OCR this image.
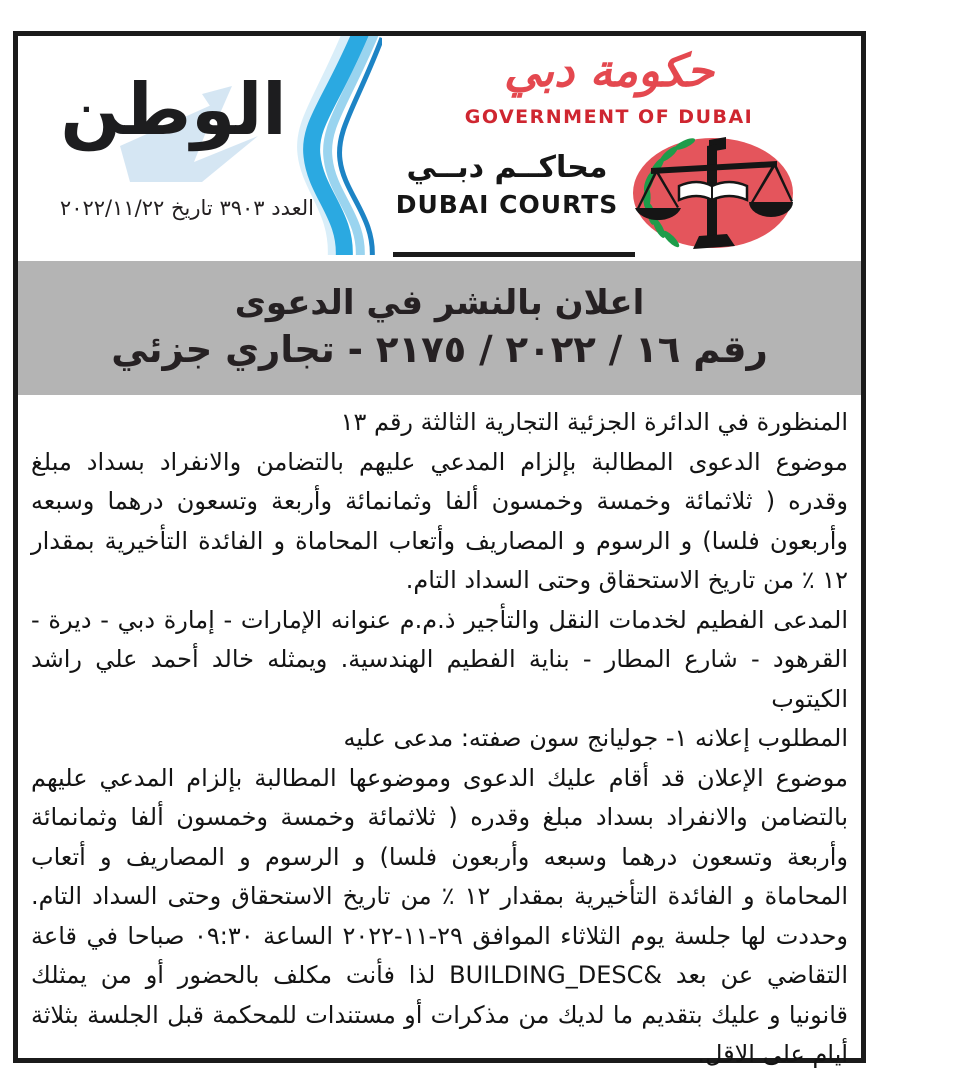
الوطن
العدد ٣٩٠٣ تاريخ ٢٠٢٢/١١/٢٢
حكومة دبي
GOVERNMENT OF DUBAI
محاكــم دبــي
DUBAI COURTS
اعلان بالنشر في الدعوى
رقم ١٦ / ٢٠٢٢ / ٢١٧٥ - تجاري جزئي

المنظورة في الدائرة الجزئية التجارية الثالثة رقم ١٣

موضوع الدعوى المطالبة بإلزام المدعي عليهم بالتضامن والانفراد بسداد مبلغ وقدره ( ثلاثمائة وخمسة وخمسون ألفا وثمانمائة وأربعة وتسعون درهما وسبعه وأربعون فلسا) و الرسوم و المصاريف وأتعاب المحاماة و الفائدة التأخيرية بمقدار ١٢ ٪ من تاريخ الاستحقاق وحتى السداد التام.

المدعى الفطيم لخدمات النقل والتأجير ذ.م.م عنوانه الإمارات - إمارة دبي - ديرة - القرهود - شارع المطار - بناية الفطيم الهندسية. ويمثله خالد أحمد علي راشد الكيتوب

المطلوب إعلانه ١- جوليانج سون صفته: مدعى عليه

موضوع الإعلان قد أقام عليك الدعوى وموضوعها المطالبة بإلزام المدعي عليهم بالتضامن والانفراد بسداد مبلغ وقدره ( ثلاثمائة وخمسة وخمسون ألفا وثمانمائة وأربعة وتسعون درهما وسبعه وأربعون فلسا) و الرسوم و المصاريف و أتعاب المحاماة و الفائدة التأخيرية بمقدار ١٢ ٪ من تاريخ الاستحقاق وحتى السداد التام. وحددت لها جلسة يوم الثلاثاء الموافق ٢٩-١١-٢٠٢٢ الساعة ٠٩:٣٠ صباحا في قاعة التقاضي عن بعد &BUILDING_DESC لذا فأنت مكلف بالحضور أو من يمثلك قانونيا و عليك بتقديم ما لديك من مذكرات أو مستندات للمحكمة قبل الجلسة بثلاثة أيام على الاقل.
